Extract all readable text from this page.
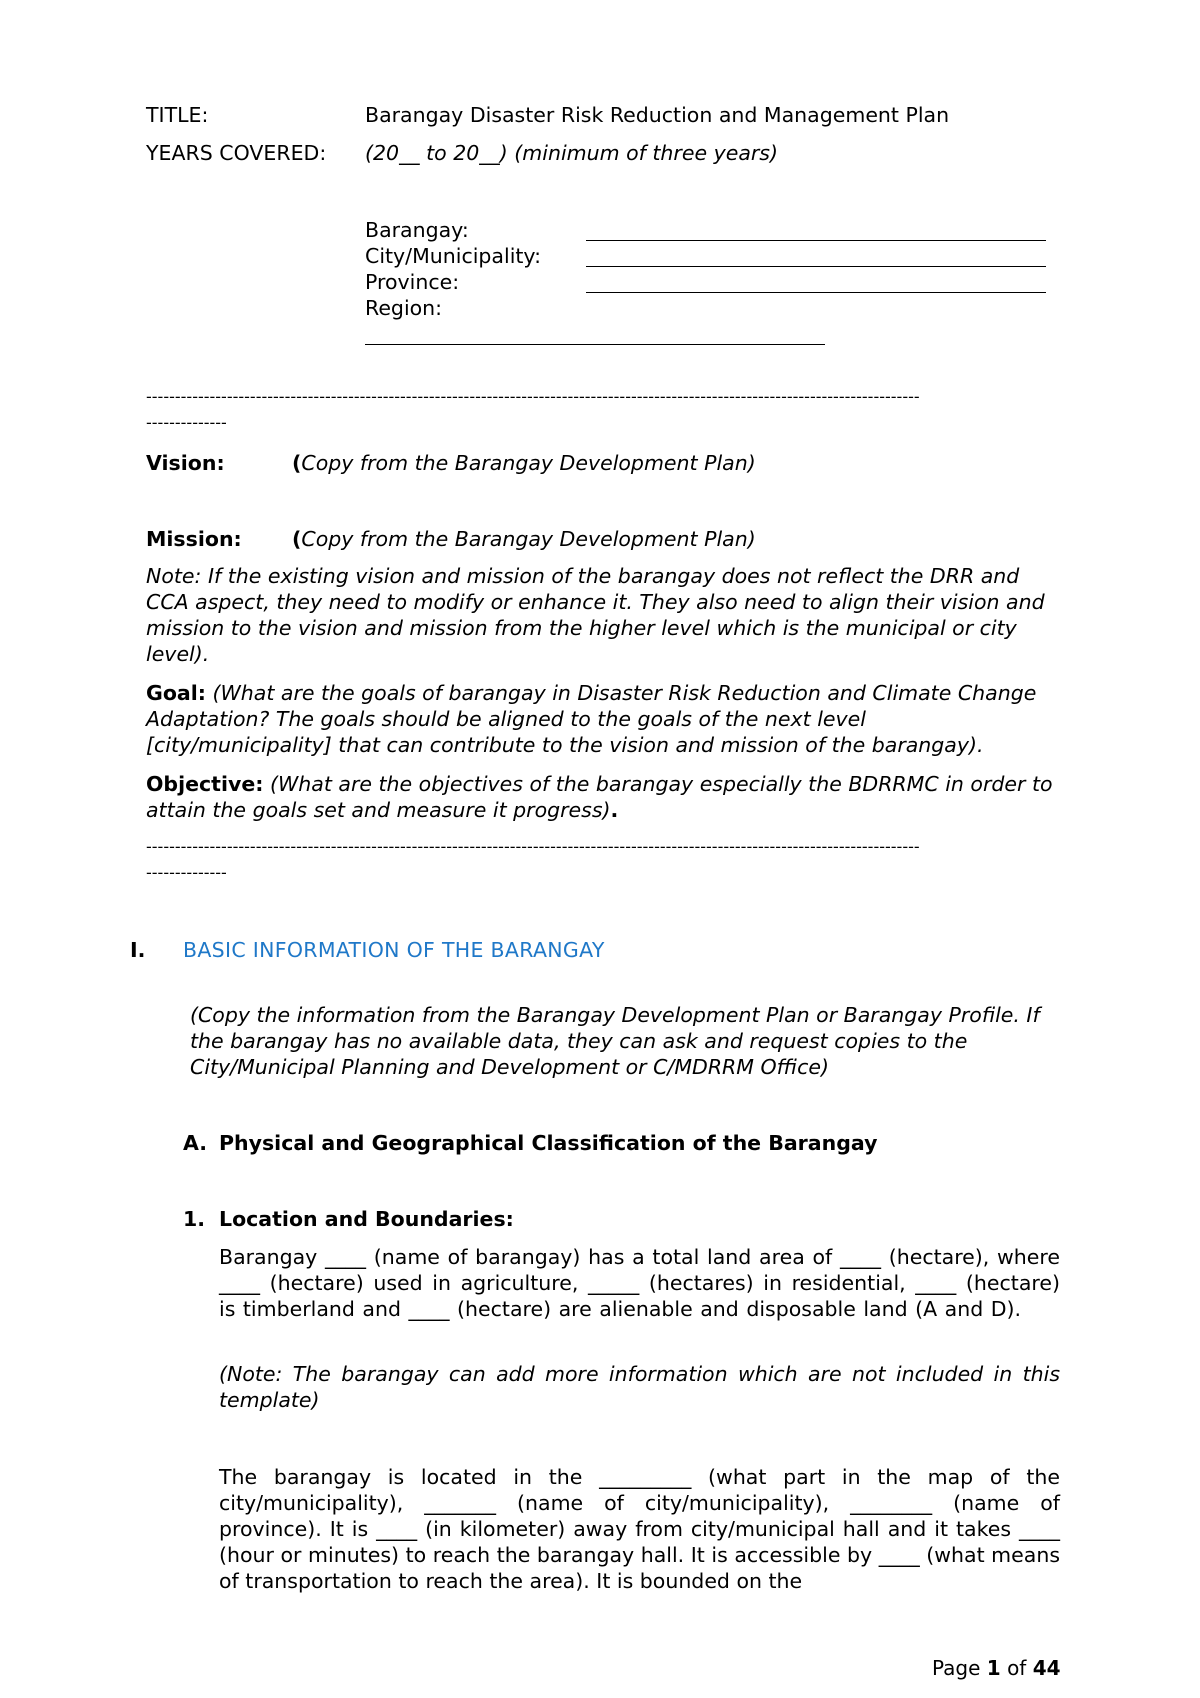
TITLE:	Barangay Disaster Risk Reduction and Management Plan
YEARS COVERED: (20__ to 20__) (minimum of three years)
Barangay:
City/Municipality:
Province:
Region:
--------------------------------------------------------------------------------------------------------------------------------------
--------------
Vision:	(Copy from the Barangay Development Plan)
Mission: (Copy from the Barangay Development Plan)

Note: If the existing vision and mission of the barangay does not reflect the DRR and CCA aspect, they need to modify or enhance it. They also need to align their vision and mission to the vision and mission from the higher level which is the municipal or city level).

Goal: (What are the goals of barangay in Disaster Risk Reduction and Climate Change Adaptation? The goals should be aligned to the goals of the next level [city/municipality] that can contribute to the vision and mission of the barangay).

Objective: (What are the objectives of the barangay especially the BDRRMC in order to attain the goals set and measure it progress).

--------------------------------------------------------------------------------------------------------------------------------------
--------------
I. BASIC INFORMATION OF THE BARANGAY

(Copy the information from the Barangay Development Plan or Barangay Profile. If the barangay has no available data, they can ask and request copies to the City/Municipal Planning and Development or C/MDRRM Office)

A. Physical and Geographical Classification of the Barangay
1. Location and Boundaries:

Barangay ____ (name of barangay) has a total land area of ____ (hectare), where ____ (hectare) used in agriculture, _____ (hectares) in residential, ____ (hectare) is timberland and ____ (hectare) are alienable and disposable land (A and D).

(Note: The barangay can add more information which are not included in this template)

The barangay is located in the _________ (what part in the map of the city/municipality), _______ (name of city/municipality), ________ (name of province). It is ____ (in kilometer) away from city/municipal hall and it takes ____ (hour or minutes) to reach the barangay hall. It is accessible by ____ (what means of transportation to reach the area). It is bounded on the

Page 1 of 44
